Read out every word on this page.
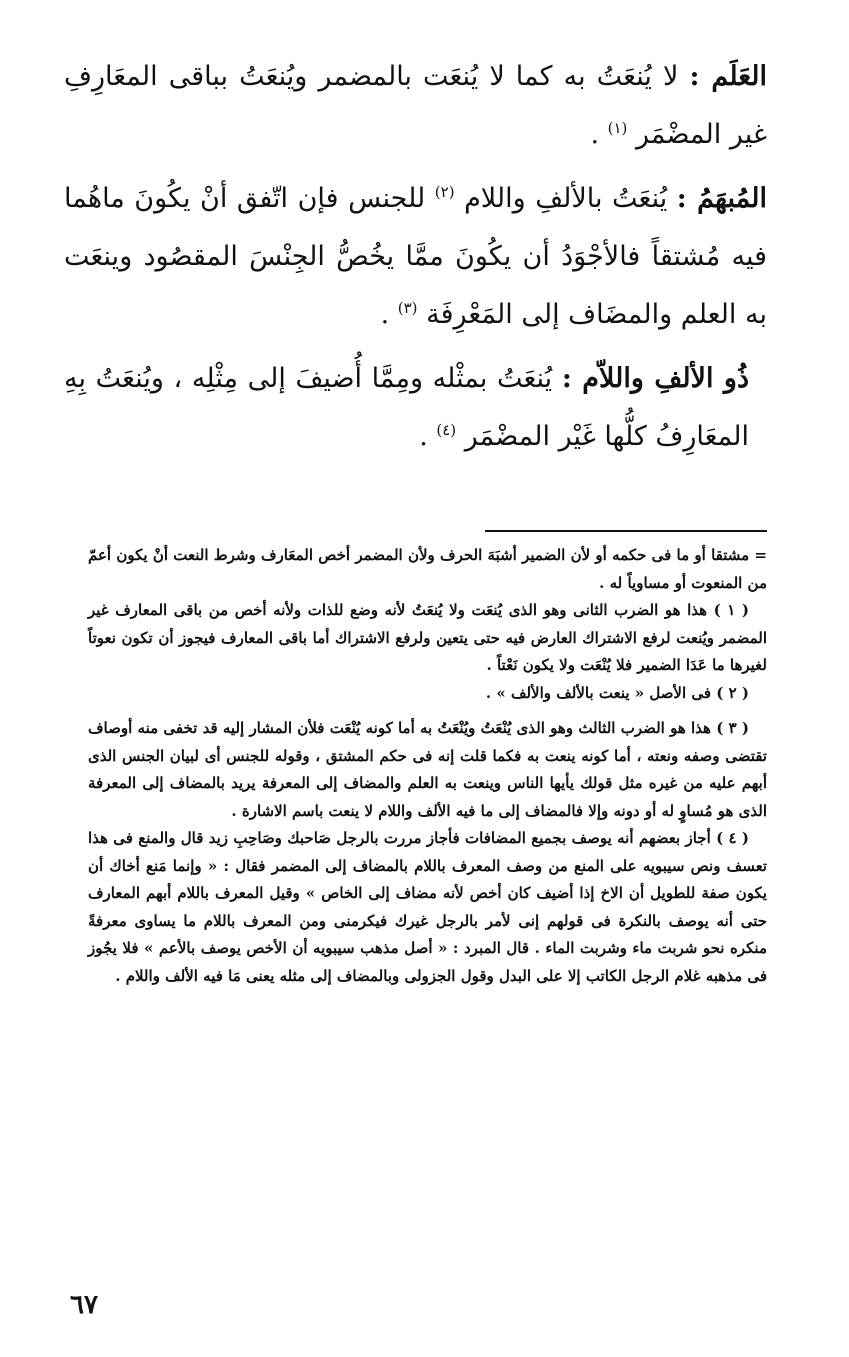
العَلَم : لا يُنعَتُ به كما لا يُنعَت بالمضمر ويُنعَتُ بباقى المعَارِفِ غير المضْمَر $^{(١)}$ .

المُبهَمُ : يُنعَتُ بالألفِ واللام $^{(٢)}$ للجنس فإن اتّفق أنْ يكُونَ ماهُما فيه مُشتقاً فالأجْوَدُ أن يكُونَ ممَّا يخُصُّ الجِنْسَ المقصُود وينعَت به العلم والمضَاف إلى المَعْرِفَة $^{(٣)}$ .

ذُو الألفِ واللاّم : يُنعَتُ بمثْله ومِمَّا أُضيفَ إلى مِثْلِه ، ويُنعَتُ بِهِ المعَارِفُ كلُّها غَيْر المضْمَر $^{(٤)}$ .

= مشتقا أو ما فى حكمه أو لأن الضمير أشبَهَ الحرف ولأن المضمر أخص المعَارف وشرط النعت أنْ يكون أعمّ من المنعوت أو مساوياً له .

( ١ ) هذا هو الضرب الثانى وهو الذى يُنعَت ولا يُنعَتُ لأنه وضع للذات ولأنه أخص من باقى المعارف غير المضمر ويُنعت لرفع الاشتراك العارض فيه حتى يتعين ولرفع الاشتراك أما باقى المعارف فيجوز أن تكون نعوتاً لغيرها ما عَدَا الضمير فلا يُنْعَت ولا يكون نَعْتاً .

( ٢ ) فى الأصل « ينعت بالألف والألف » .

( ٣ ) هذا هو الضرب الثالث وهو الذى يُنْعَتُ ويُنْعَتُ به أما كونه يُنْعَت فلأن المشار إليه قد تخفى منه أوصاف تقتضى وصفه ونعته ، أما كونه ينعت به فكما قلت إنه فى حكم المشتق ، وقوله للجنس أى لبيان الجنس الذى أبهم عليه من غيره مثل قولك يأيها الناس وينعت به العلم والمضاف إلى المعرفة يريد بالمضاف إلى المعرفة الذى هو مُساوٍ له أو دونه وإلا فالمضاف إلى ما فيه الألف واللام لا ينعت باسم الاشارة .

( ٤ ) أجاز بعضهم أنه يوصف بجميع المضافات فأجاز مررت بالرجل صَاحبك وصَاحِبِ زيد قال والمنع فى هذا تعسف ونص سيبويه على المنع من وصف المعرف باللام بالمضاف إلى المضمر فقال : « وإنما مَنع أخاك أن يكون صفة للطويل أن الاخ إذا أضيف كان أخص لأنه مضاف إلى الخاص » وقيل المعرف باللام أبهم المعارف حتى أنه يوصف بالنكرة فى قولهم إنى لأمر بالرجل غيرك فيكرمنى ومن المعرف باللام ما يساوى معرفةً منكره نحو شربت ماء وشربت الماء . قال المبرد : « أصل مذهب سيبويه أن الأخص يوصف بالأعم » فلا يجُوز فى مذهبه غلام الرجل الكاتب إلا على البدل وقول الجزولى وبالمضاف إلى مثله يعنى مَا فيه الألف واللام .

٦٧
